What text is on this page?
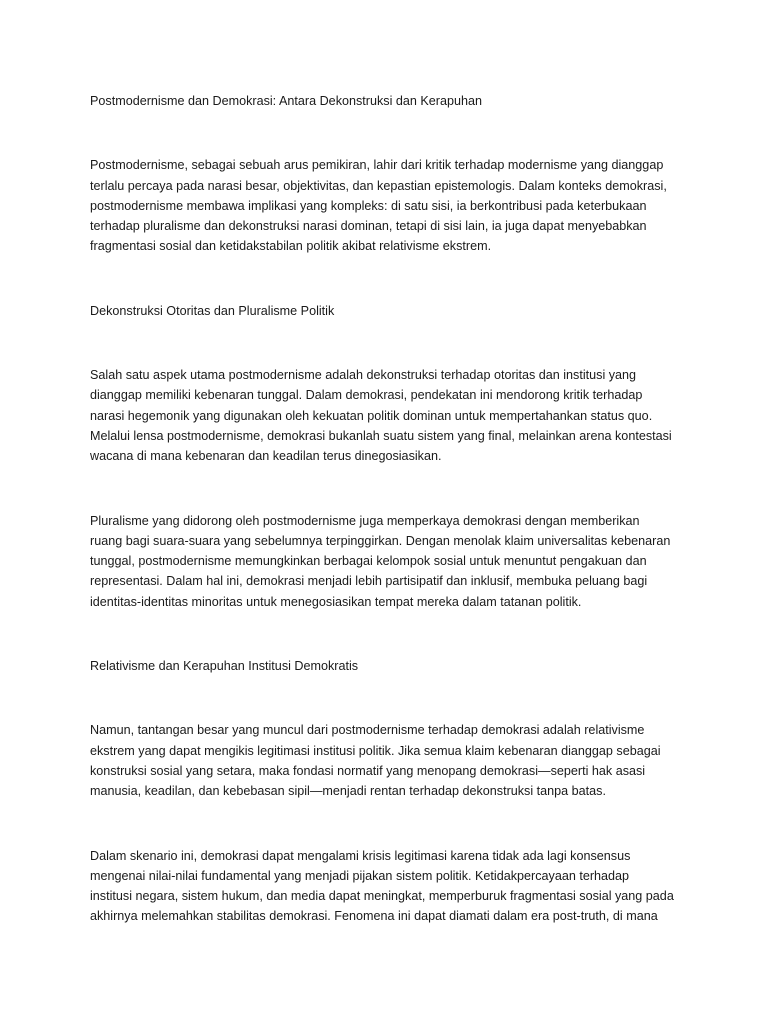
Postmodernisme dan Demokrasi: Antara Dekonstruksi dan Kerapuhan

Postmodernisme, sebagai sebuah arus pemikiran, lahir dari kritik terhadap modernisme yang dianggap

terlalu percaya pada narasi besar, objektivitas, dan kepastian epistemologis. Dalam konteks demokrasi,

postmodernisme membawa implikasi yang kompleks: di satu sisi, ia berkontribusi pada keterbukaan

terhadap pluralisme dan dekonstruksi narasi dominan, tetapi di sisi lain, ia juga dapat menyebabkan

fragmentasi sosial dan ketidakstabilan politik akibat relativisme ekstrem.

Dekonstruksi Otoritas dan Pluralisme Politik

Salah satu aspek utama postmodernisme adalah dekonstruksi terhadap otoritas dan institusi yang

dianggap memiliki kebenaran tunggal. Dalam demokrasi, pendekatan ini mendorong kritik terhadap

narasi hegemonik yang digunakan oleh kekuatan politik dominan untuk mempertahankan status quo.

Melalui lensa postmodernisme, demokrasi bukanlah suatu sistem yang final, melainkan arena kontestasi

wacana di mana kebenaran dan keadilan terus dinegosiasikan.

Pluralisme yang didorong oleh postmodernisme juga memperkaya demokrasi dengan memberikan

ruang bagi suara-suara yang sebelumnya terpinggirkan. Dengan menolak klaim universalitas kebenaran

tunggal, postmodernisme memungkinkan berbagai kelompok sosial untuk menuntut pengakuan dan

representasi. Dalam hal ini, demokrasi menjadi lebih partisipatif dan inklusif, membuka peluang bagi

identitas-identitas minoritas untuk menegosiasikan tempat mereka dalam tatanan politik.

Relativisme dan Kerapuhan Institusi Demokratis

Namun, tantangan besar yang muncul dari postmodernisme terhadap demokrasi adalah relativisme

ekstrem yang dapat mengikis legitimasi institusi politik. Jika semua klaim kebenaran dianggap sebagai

konstruksi sosial yang setara, maka fondasi normatif yang menopang demokrasi—seperti hak asasi

manusia, keadilan, dan kebebasan sipil—menjadi rentan terhadap dekonstruksi tanpa batas.

Dalam skenario ini, demokrasi dapat mengalami krisis legitimasi karena tidak ada lagi konsensus

mengenai nilai-nilai fundamental yang menjadi pijakan sistem politik. Ketidakpercayaan terhadap

institusi negara, sistem hukum, dan media dapat meningkat, memperburuk fragmentasi sosial yang pada

akhirnya melemahkan stabilitas demokrasi. Fenomena ini dapat diamati dalam era post-truth, di mana
